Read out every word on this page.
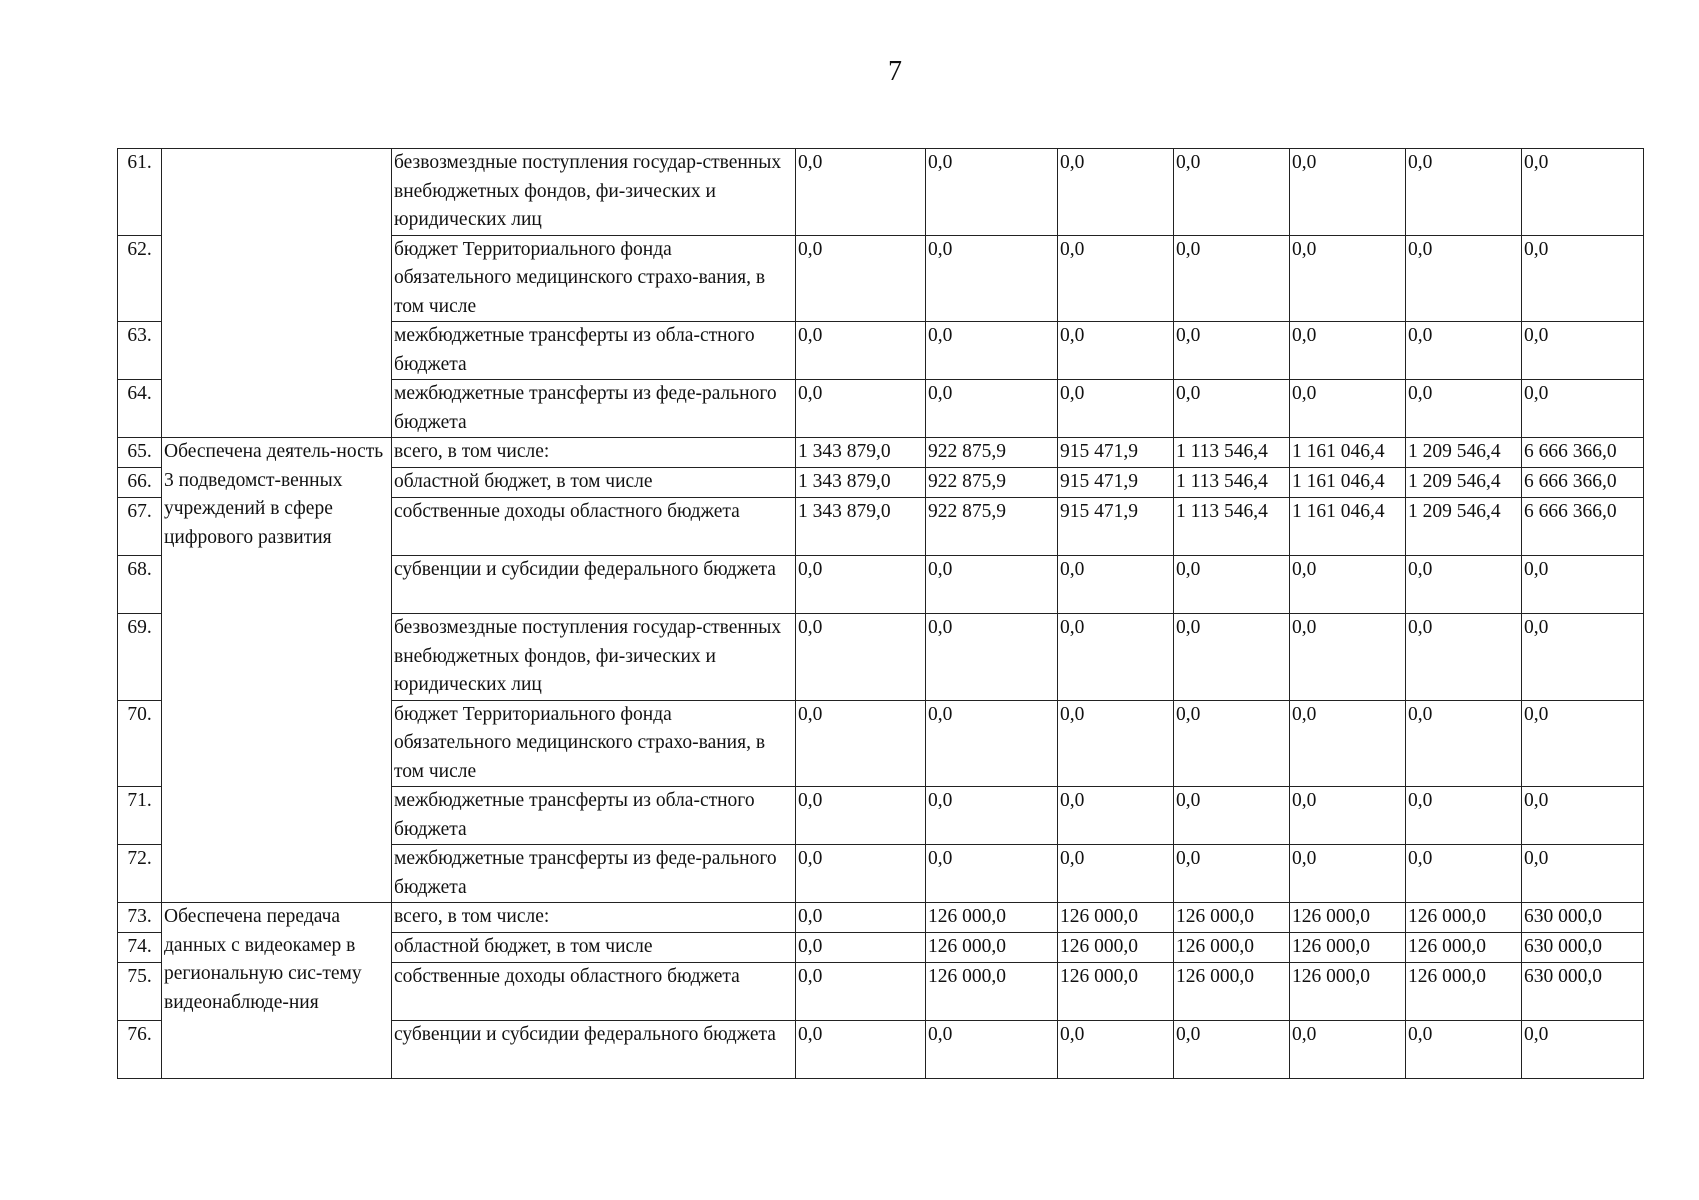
7
61.		безвозмездные поступления государ-ственных внебюджетных фондов, фи-зических и юридических лиц	0,0	0,0	0,0	0,0	0,0	0,0	0,0
62.		бюджет Территориального фонда обязательного медицинского страхо-вания, в том числе	0,0	0,0	0,0	0,0	0,0	0,0	0,0
63.		межбюджетные трансферты из обла-стного бюджета	0,0	0,0	0,0	0,0	0,0	0,0	0,0
64.		межбюджетные трансферты из феде-рального бюджета	0,0	0,0	0,0	0,0	0,0	0,0	0,0
65.	Обеспечена деятель-ность 3 подведомст-венных учреждений в сфере цифрового развития	всего, в том числе:	1 343 879,0	922 875,9	915 471,9	1 113 546,4	1 161 046,4	1 209 546,4	6 666 366,0
66.		областной бюджет, в том числе	1 343 879,0	922 875,9	915 471,9	1 113 546,4	1 161 046,4	1 209 546,4	6 666 366,0
67.		собственные доходы областного бюджета	1 343 879,0	922 875,9	915 471,9	1 113 546,4	1 161 046,4	1 209 546,4	6 666 366,0
68.		субвенции и субсидии федерального бюджета	0,0	0,0	0,0	0,0	0,0	0,0	0,0
69.		безвозмездные поступления государ-ственных внебюджетных фондов, фи-зических и юридических лиц	0,0	0,0	0,0	0,0	0,0	0,0	0,0
70.		бюджет Территориального фонда обязательного медицинского страхо-вания, в том числе	0,0	0,0	0,0	0,0	0,0	0,0	0,0
71.		межбюджетные трансферты из обла-стного бюджета	0,0	0,0	0,0	0,0	0,0	0,0	0,0
72.		межбюджетные трансферты из феде-рального бюджета	0,0	0,0	0,0	0,0	0,0	0,0	0,0
73.	Обеспечена передача данных с видеокамер в региональную сис-тему видеонаблюде-ния	всего, в том числе:	0,0	126 000,0	126 000,0	126 000,0	126 000,0	126 000,0	630 000,0
74.		областной бюджет, в том числе	0,0	126 000,0	126 000,0	126 000,0	126 000,0	126 000,0	630 000,0
75.		собственные доходы областного бюджета	0,0	126 000,0	126 000,0	126 000,0	126 000,0	126 000,0	630 000,0
76.		субвенции и субсидии федерального бюджета	0,0	0,0	0,0	0,0	0,0	0,0	0,0
